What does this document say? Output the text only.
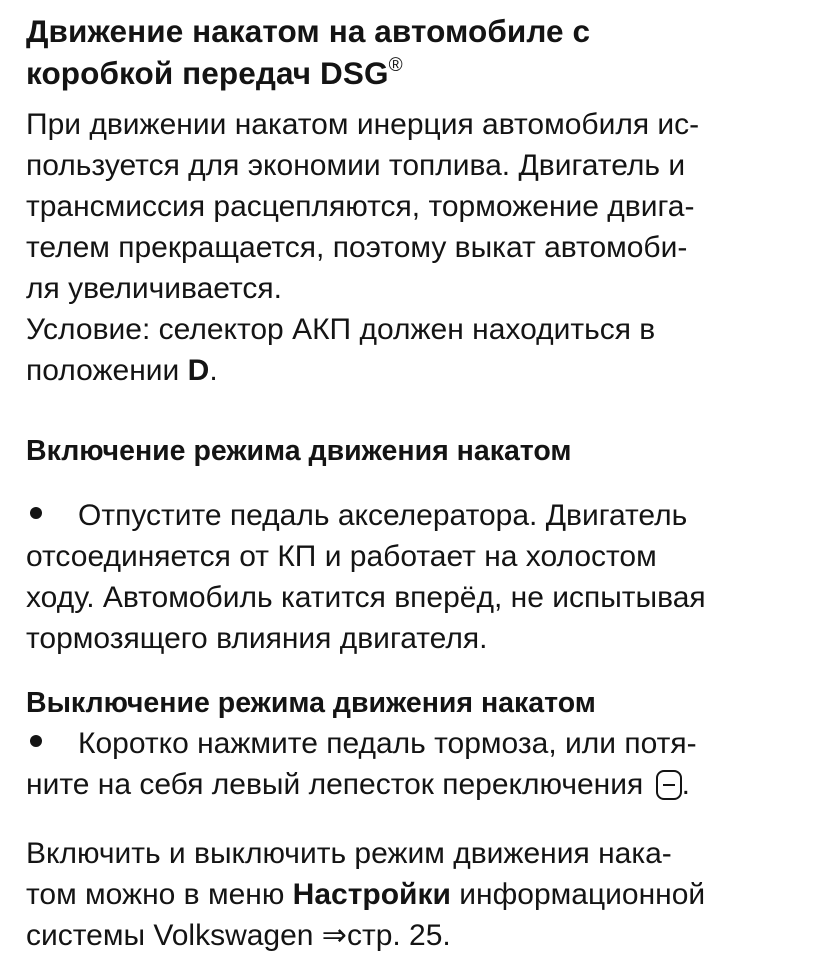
Движение накатом на автомобиле с
коробкой передач DSG®

При движении накатом инерция автомобиля ис-
пользуется для экономии топлива. Двигатель и
трансмиссия расцепляются, торможение двига-
телем прекращается, поэтому выкат автомоби-
ля увеличивается.

Условие: селектор АКП должен находиться в
положении D.

Включение режима движения накатом
Отпустите педаль акселератора. Двигатель
отсоединяется от КП и работает на холостом
ходу. Автомобиль катится вперёд, не испытывая
тормозящего влияния двигателя.
Выключение режима движения накатом
Коротко нажмите педаль тормоза, или потя-
ните на себя левый лепесток переключения .

Включить и выключить режим движения нака-
том можно в меню Настройки информационной
системы Volkswagen ⇒стр. 25.
